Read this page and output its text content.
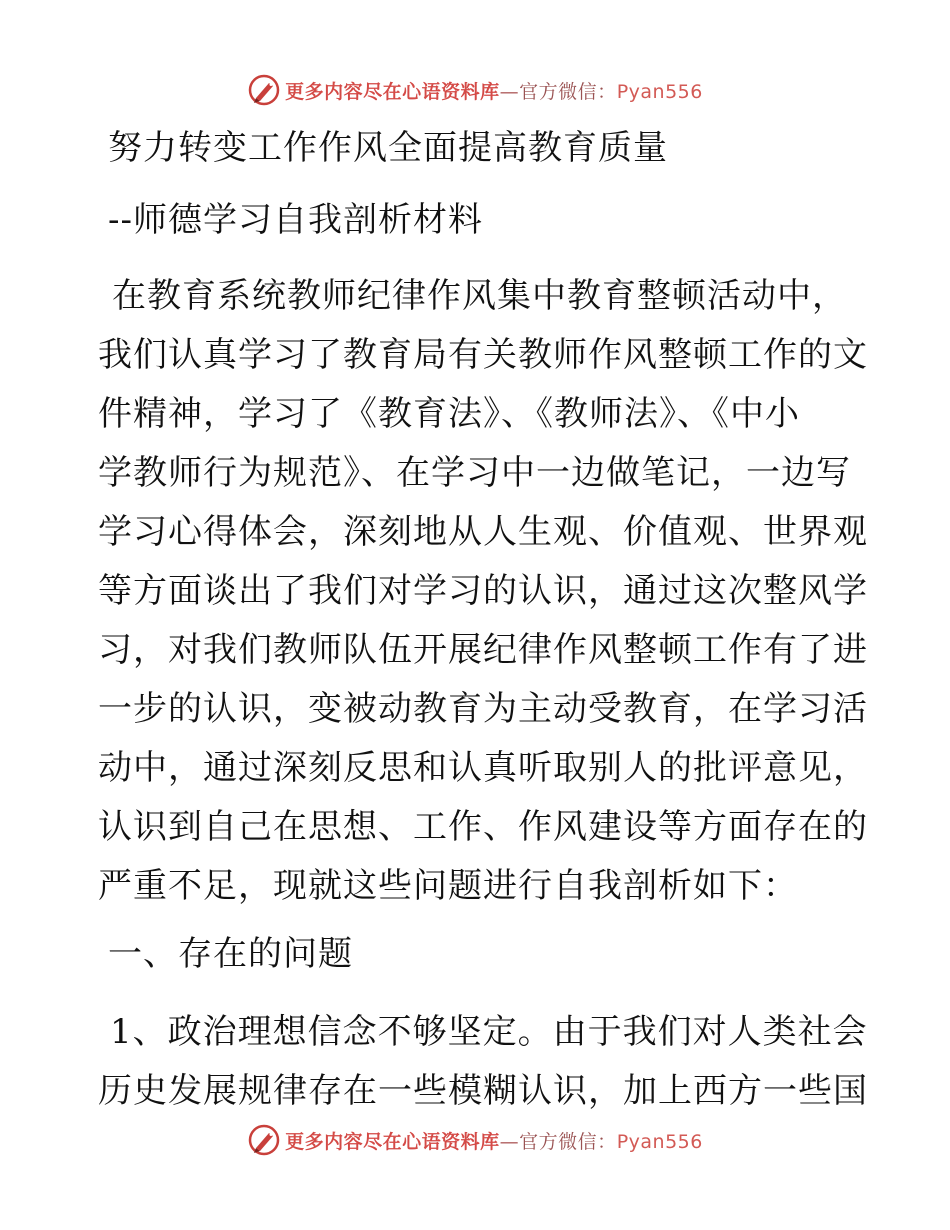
更多内容尽在心语资料库—官方微信：Pyan556
努力转变工作作风全面提高教育质量
--师德学习自我剖析材料
在教育系统教师纪律作风集中教育整顿活动中，
我们认真学习了教育局有关教师作风整顿工作的文
件精神，学习了《教育法》、《教师法》、《中小
学教师行为规范》、在学习中一边做笔记，一边写
学习心得体会，深刻地从人生观、价值观、世界观
等方面谈出了我们对学习的认识，通过这次整风学
习，对我们教师队伍开展纪律作风整顿工作有了进
一步的认识，变被动教育为主动受教育，在学习活
动中，通过深刻反思和认真听取别人的批评意见，
认识到自己在思想、工作、作风建设等方面存在的
严重不足，现就这些问题进行自我剖析如下：
一、存在的问题
1、政治理想信念不够坚定。由于我们对人类社会
历史发展规律存在一些模糊认识，加上西方一些国
更多内容尽在心语资料库—官方微信：Pyan556
